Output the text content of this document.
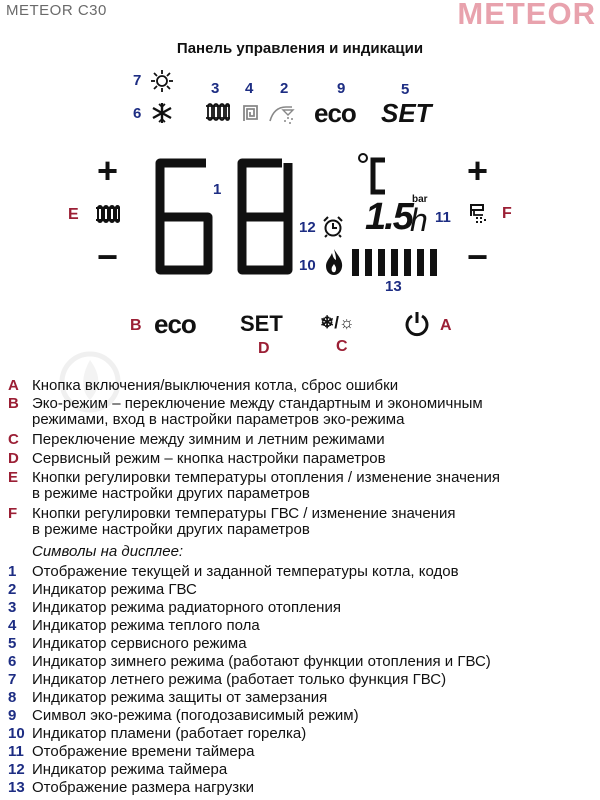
METEOR C30	METEOR
Панель управления и индикации
7
6
3 4 2	9
eco
5
SET
+
−
E
1
12 1.5 bar
h 11
10
13
+
−
F
B eco SET
D
❄/☼
C
A
A Кнопка включения/выключения котла, сброс ошибки
B Эко-режим – переключение между стандартным и экономичным
режимами, вход в настройки параметров эко-режима
C Переключение между зимним и летним режимами
D Сервисный режим – кнопка настройки параметров
E Кнопки регулировки температуры отопления / изменение значения
в режиме настройки других параметров
F Кнопки регулировки температуры ГВС / изменение значения
в режиме настройки других параметров
Символы на дисплее:
1 Отображение текущей и заданной температуры котла, кодов
2 Индикатор режима ГВС
3 Индикатор режима радиаторного отопления
4 Индикатор режима теплого пола
5 Индикатор сервисного режима
6 Индикатор зимнего режима (работают функции отопления и ГВС)
7 Индикатор летнего режима (работает только функция ГВС)
8 Индикатор режима защиты от замерзания
9 Символ эко-режима (погодозависимый режим)
10 Индикатор пламени (работает горелка)
11 Отображение времени таймера
12 Индикатор режима таймера
13 Отображение размера нагрузки
